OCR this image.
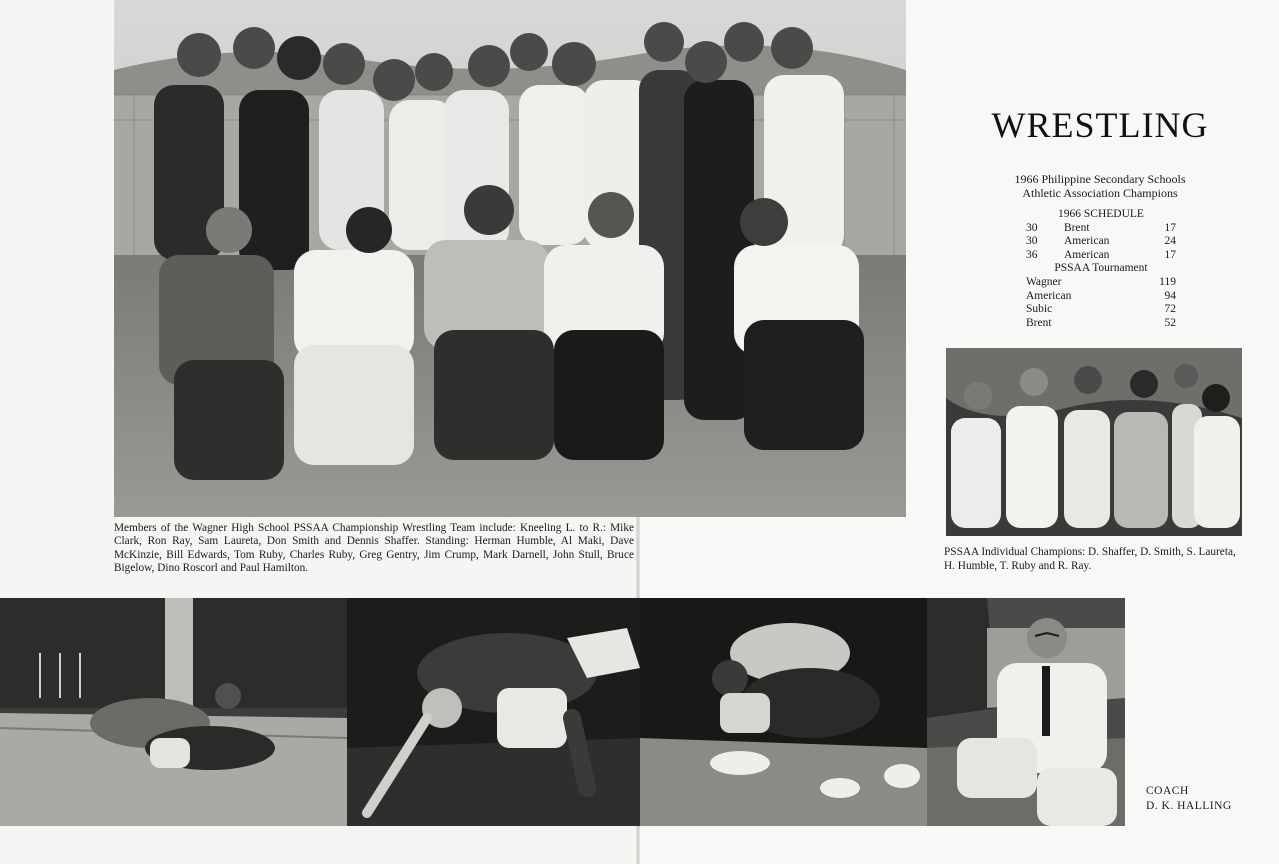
Members of the Wagner High School PSSAA Championship Wrestling Team include: Kneeling L. to R.: Mike Clark, Ron Ray, Sam Laureta, Don Smith and Dennis Shaffer. Standing: Herman Humble, Al Maki, Dave McKinzie, Bill Edwards, Tom Ruby, Charles Ruby, Greg Gentry, Jim Crump, Mark Darnell, John Stull, Bruce Bigelow, Dino Roscorl and Paul Hamilton.
WRESTLING
1966 Philippine Secondary Schools
Athletic Association Champions
1966 SCHEDULE
30	Brent	17
30	American	24
36	American	17
PSSAA Tournament
Wagner	119
American	94
Subic	72
Brent	52
PSSAA Individual Champions: D. Shaffer, D. Smith, S. Laureta, H. Humble, T. Ruby and R. Ray.
COACH
D. K. HALLING
